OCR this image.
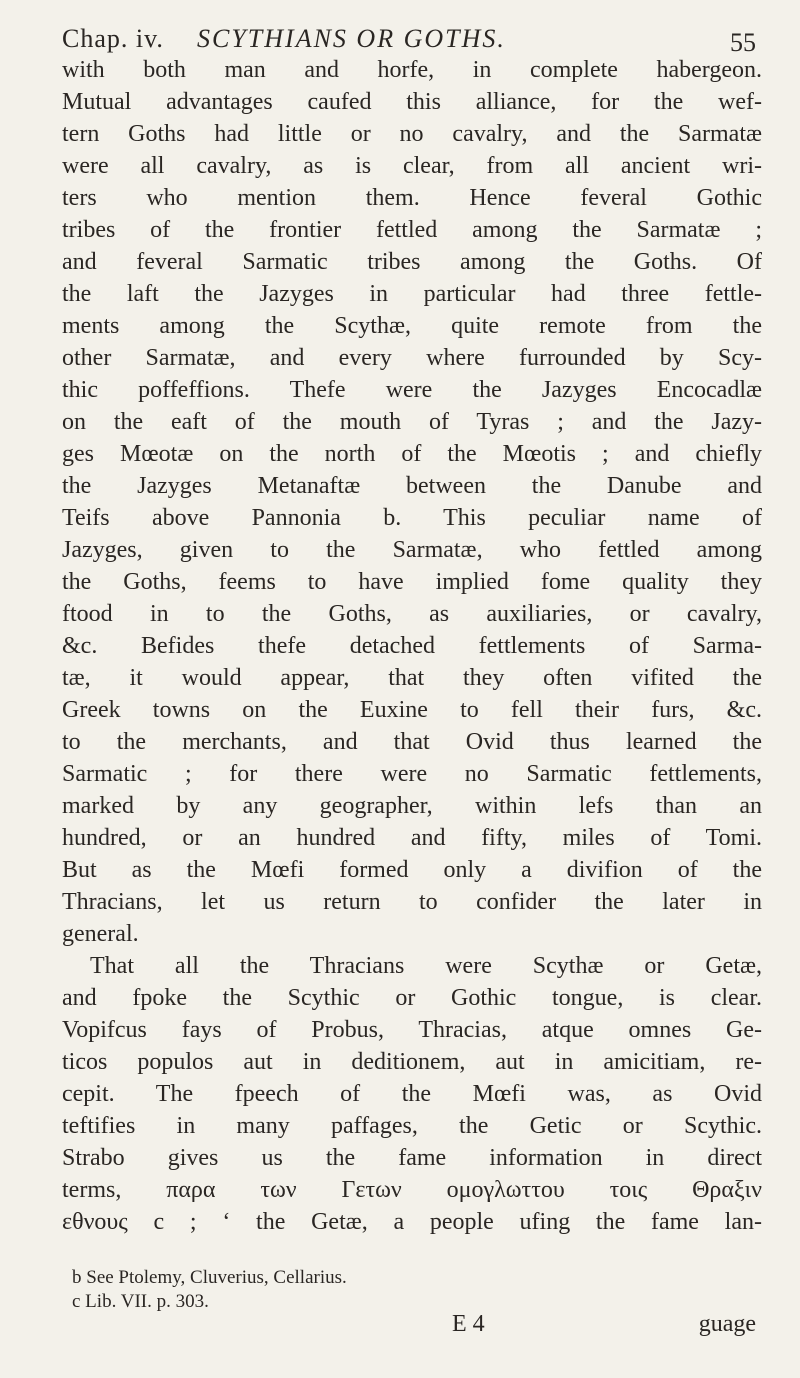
Chap. iv. SCYTHIANS OR GOTHS.	55
with both man and horfe, in complete habergeon.
Mutual advantages caufed this alliance, for the wef-
tern Goths had little or no cavalry, and the Sarmatæ
were all cavalry, as is clear, from all ancient wri-
ters who mention them. Hence feveral Gothic
tribes of the frontier fettled among the Sarmatæ ;
and feveral Sarmatic tribes among the Goths. Of
the laft the Jazyges in particular had three fettle-
ments among the Scythæ, quite remote from the
other Sarmatæ, and every where furrounded by Scy-
thic poffeffions. Thefe were the Jazyges Encocadlæ
on the eaft of the mouth of Tyras ; and the Jazy-
ges Mœotæ on the north of the Mœotis ; and chiefly
the Jazyges Metanaftæ between the Danube and
Teifs above Pannonia b. This peculiar name of
Jazyges, given to the Sarmatæ, who fettled among
the Goths, feems to have implied fome quality they
ftood in to the Goths, as auxiliaries, or cavalry,
&c. Befides thefe detached fettlements of Sarma-
tæ, it would appear, that they often vifited the
Greek towns on the Euxine to fell their furs, &c.
to the merchants, and that Ovid thus learned the
Sarmatic ; for there were no Sarmatic fettlements,
marked by any geographer, within lefs than an
hundred, or an hundred and fifty, miles of Tomi.
But as the Mœfi formed only a divifion of the
Thracians, let us return to confider the later in
general.
That all the Thracians were Scythæ or Getæ,
and fpoke the Scythic or Gothic tongue, is clear.
Vopifcus fays of Probus, Thracias, atque omnes Ge-
ticos populos aut in deditionem, aut in amicitiam, re-
cepit. The fpeech of the Mœfi was, as Ovid
teftifies in many paffages, the Getic or Scythic.
Strabo gives us the fame information in direct
terms, παρα των Γετων ομογλωττου τοις Θραξιν
εθνους c ; ‘ the Getæ, a people ufing the fame lan-
b See Ptolemy, Cluverius, Cellarius.
c Lib. VII. p. 303.
E 4	guage
